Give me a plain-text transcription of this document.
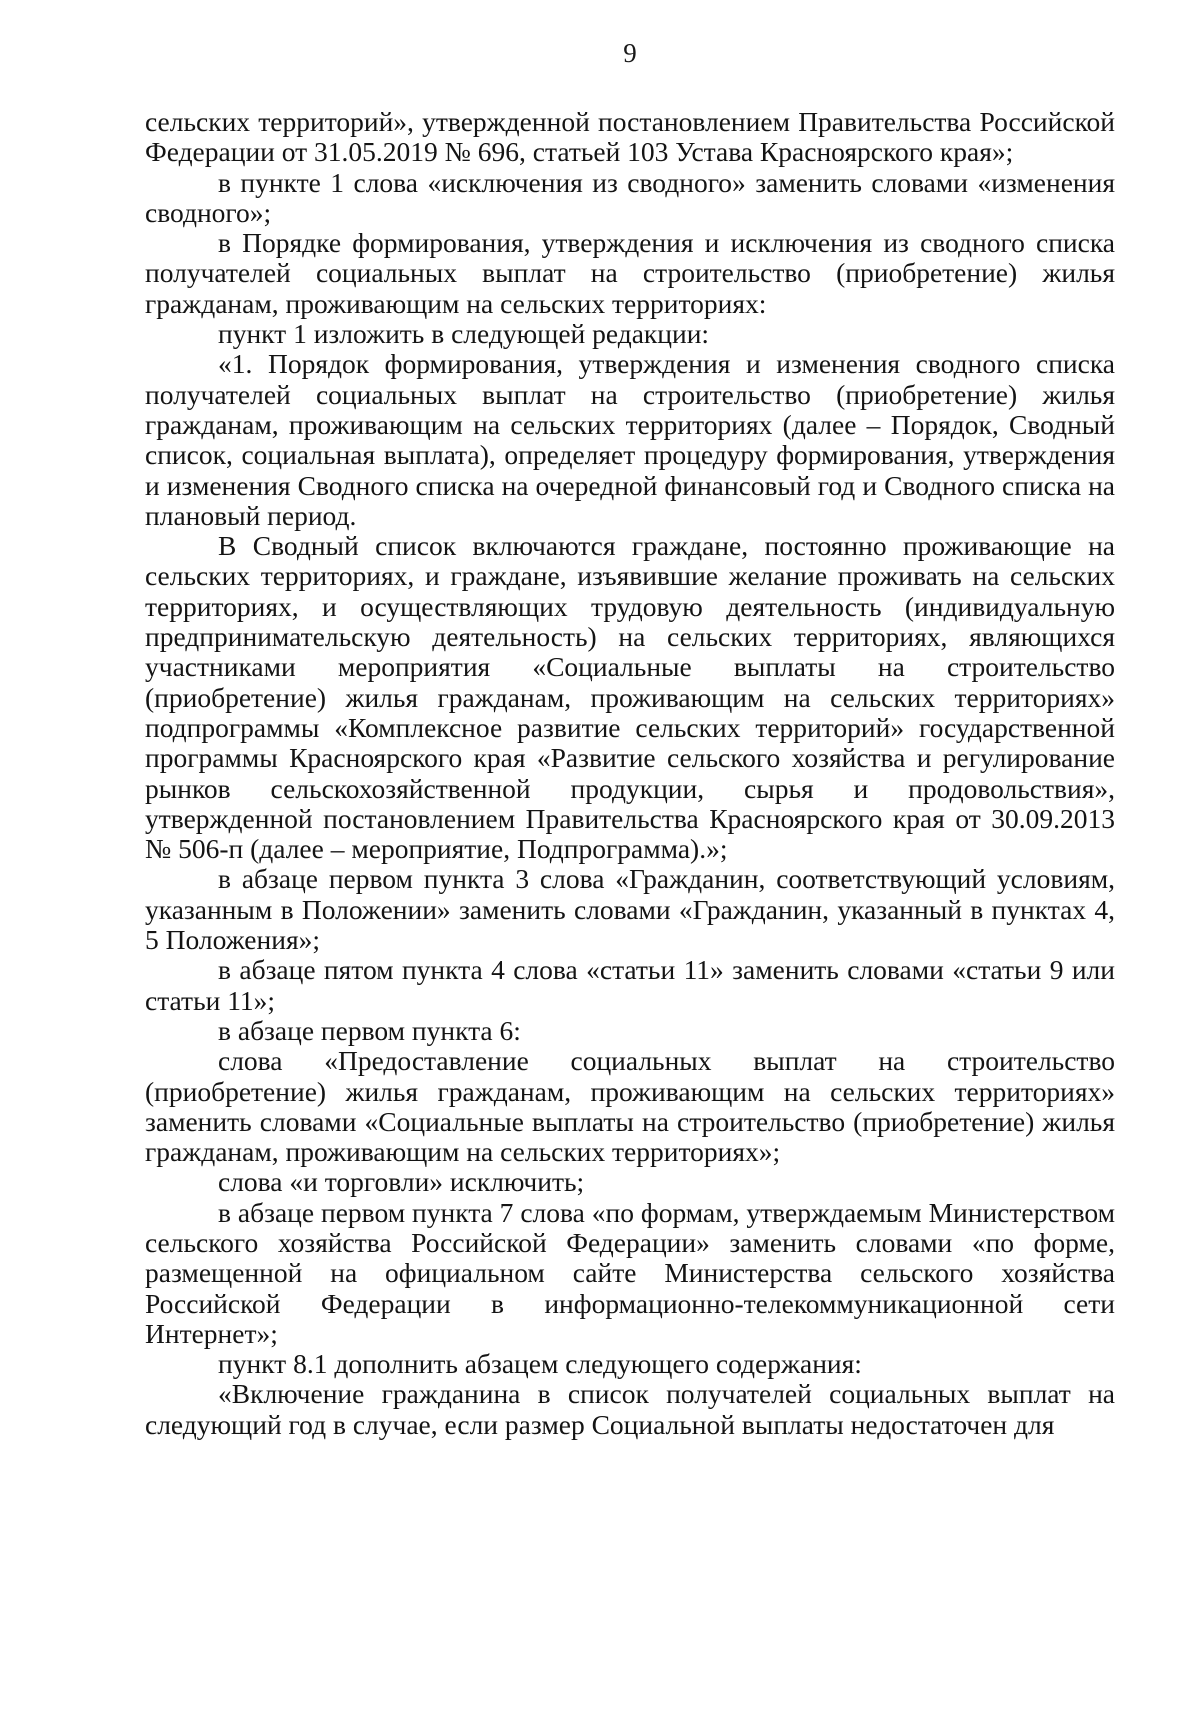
9

сельских территорий», утвержденной постановлением Правительства Российской Федерации от 31.05.2019 № 696, статьей 103 Устава Красноярского края»;

в пункте 1 слова «исключения из сводного» заменить словами «изменения сводного»;

в Порядке формирования, утверждения и исключения из сводного списка получателей социальных выплат на строительство (приобретение) жилья гражданам, проживающим на сельских территориях:

пункт 1 изложить в следующей редакции:

«1. Порядок формирования, утверждения и изменения сводного списка получателей социальных выплат на строительство (приобретение) жилья гражданам, проживающим на сельских территориях (далее – Порядок, Сводный список, социальная выплата), определяет процедуру формирования, утверждения и изменения Сводного списка на очередной финансовый год и Сводного списка на плановый период.

В Сводный список включаются граждане, постоянно проживающие на сельских территориях, и граждане, изъявившие желание проживать на сельских территориях, и осуществляющих трудовую деятельность (индивидуальную предпринимательскую деятельность) на сельских территориях, являющихся участниками мероприятия «Социальные выплаты на строительство (приобретение) жилья гражданам, проживающим на сельских территориях» подпрограммы «Комплексное развитие сельских территорий» государственной программы Красноярского края «Развитие сельского хозяйства и регулирование рынков сельскохозяйственной продукции, сырья и продовольствия», утвержденной постановлением Правительства Красноярского края от 30.09.2013 № 506-п (далее – мероприятие, Подпрограмма).»;

в абзаце первом пункта 3 слова «Гражданин, соответствующий условиям, указанным в Положении» заменить словами «Гражданин, указанный в пунктах 4, 5 Положения»;

в абзаце пятом пункта 4 слова «статьи 11» заменить словами «статьи 9 или статьи 11»;

в абзаце первом пункта 6:

слова «Предоставление социальных выплат на строительство (приобретение) жилья гражданам, проживающим на сельских территориях» заменить словами «Социальные выплаты на строительство (приобретение) жилья гражданам, проживающим на сельских территориях»;

слова «и торговли» исключить;

в абзаце первом пункта 7 слова «по формам, утверждаемым Министерством сельского хозяйства Российской Федерации» заменить словами «по форме, размещенной на официальном сайте Министерства сельского хозяйства Российской Федерации в информационно-телекоммуникационной сети Интернет»;

пункт 8.1 дополнить абзацем следующего содержания:

«Включение гражданина в список получателей социальных выплат на следующий год в случае, если размер Социальной выплаты недостаточен для
